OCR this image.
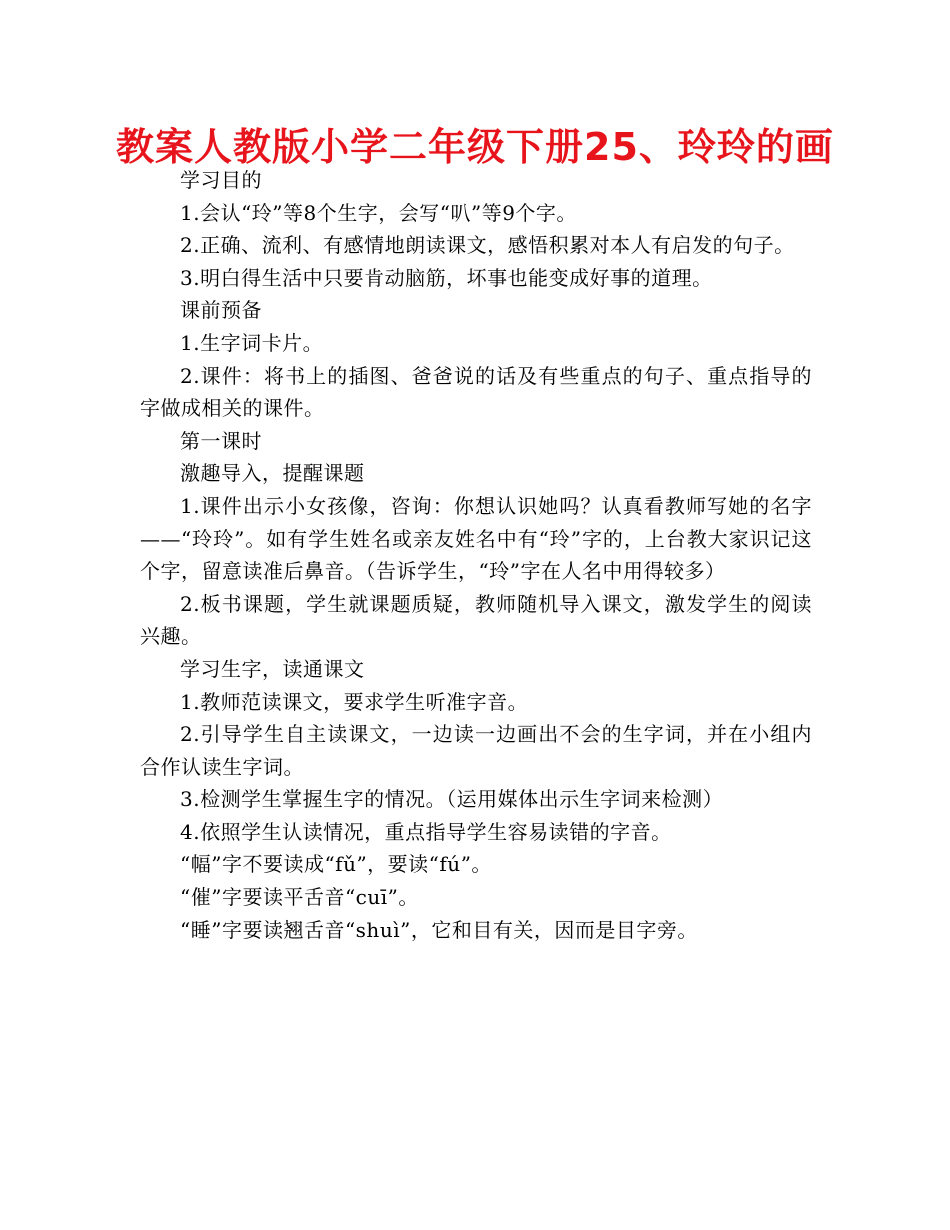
教案人教版小学二年级下册25、玲玲的画

学习目的

1.会认“玲”等8个生字，会写“叭”等9个字。

2.正确、流利、有感情地朗读课文，感悟积累对本人有启发的句子。

3.明白得生活中只要肯动脑筋，坏事也能变成好事的道理。

课前预备

1.生字词卡片。

2.课件：将书上的插图、爸爸说的话及有些重点的句子、重点指导的字做成相关的课件。

第一课时

激趣导入，提醒课题

1.课件出示小女孩像，咨询：你想认识她吗？认真看教师写她的名字——“玲玲”。如有学生姓名或亲友姓名中有“玲”字的，上台教大家识记这个字，留意读准后鼻音。（告诉学生，“玲”字在人名中用得较多）

2.板书课题，学生就课题质疑，教师随机导入课文，激发学生的阅读兴趣。

学习生字，读通课文

1.教师范读课文，要求学生听准字音。

2.引导学生自主读课文，一边读一边画出不会的生字词，并在小组内合作认读生字词。

3.检测学生掌握生字的情况。（运用媒体出示生字词来检测）

4.依照学生认读情况，重点指导学生容易读错的字音。

“幅”字不要读成“fǔ”，要读“fú”。

“催”字要读平舌音“cuī”。

“睡”字要读翘舌音“shuì”，它和目有关，因而是目字旁。
